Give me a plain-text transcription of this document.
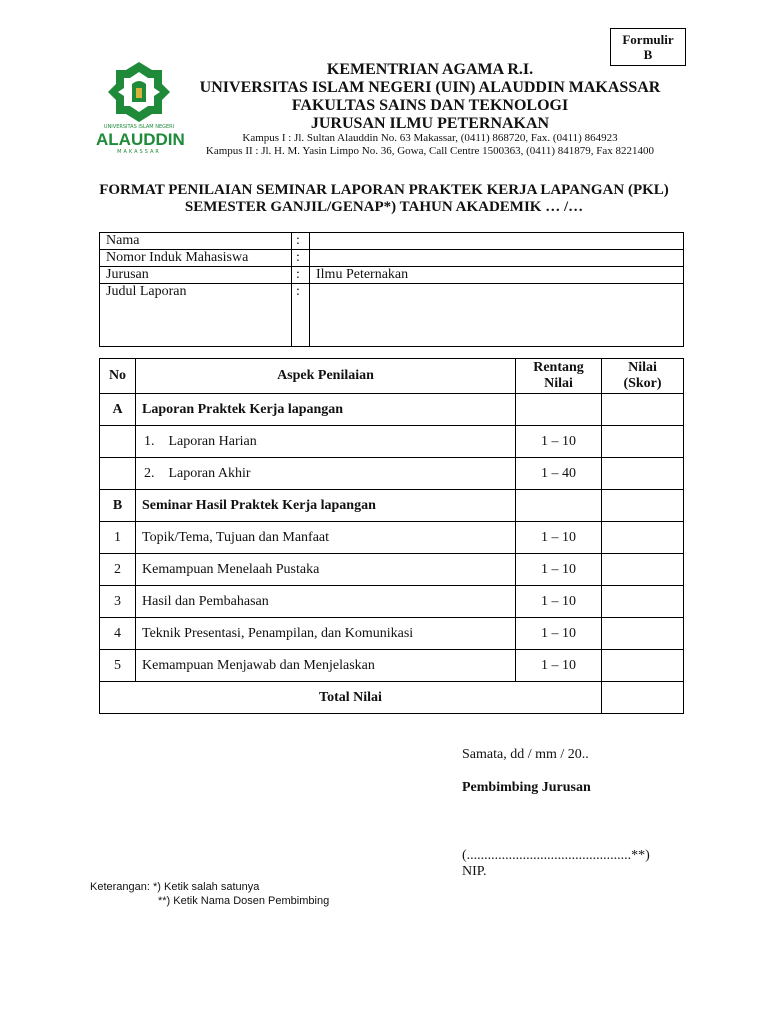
Formulir
B
UNIVERSITAS ISLAM NEGERI
ALAUDDIN
MAKASSAR
KEMENTRIAN AGAMA R.I.
UNIVERSITAS ISLAM NEGERI (UIN) ALAUDDIN MAKASSAR
FAKULTAS SAINS DAN TEKNOLOGI
JURUSAN ILMU PETERNAKAN
Kampus I : Jl. Sultan Alauddin No. 63 Makassar, (0411) 868720, Fax. (0411) 864923
Kampus II : Jl. H. M. Yasin Limpo No. 36, Gowa, Call Centre 1500363, (0411) 841879, Fax 8221400
FORMAT PENILAIAN SEMINAR LAPORAN PRAKTEK KERJA LAPANGAN (PKL)
SEMESTER GANJIL/GENAP*) TAHUN AKADEMIK … /…
Nama	:	
Nomor Induk Mahasiswa	:	
Jurusan	:	Ilmu Peternakan
Judul Laporan	:	
No	Aspek Penilaian	Rentang Nilai	Nilai (Skor)
A	Laporan Praktek Kerja lapangan		
	1.    Laporan Harian	1 – 10	
	2.    Laporan Akhir	1 – 40	
B	Seminar Hasil Praktek Kerja lapangan		
1	Topik/Tema, Tujuan dan Manfaat	1 – 10	
2	Kemampuan Menelaah Pustaka	1 – 10	
3	Hasil dan Pembahasan	1 – 10	
4	Teknik Presentasi, Penampilan, dan Komunikasi	1 – 10	
5	Kemampuan Menjawab dan Menjelaskan	1 – 10	
Total Nilai			
Samata, dd / mm / 20..
Pembimbing Jurusan
(...............................................**)
NIP.
Keterangan: *) Ketik salah satunya
**) Ketik Nama Dosen Pembimbing
